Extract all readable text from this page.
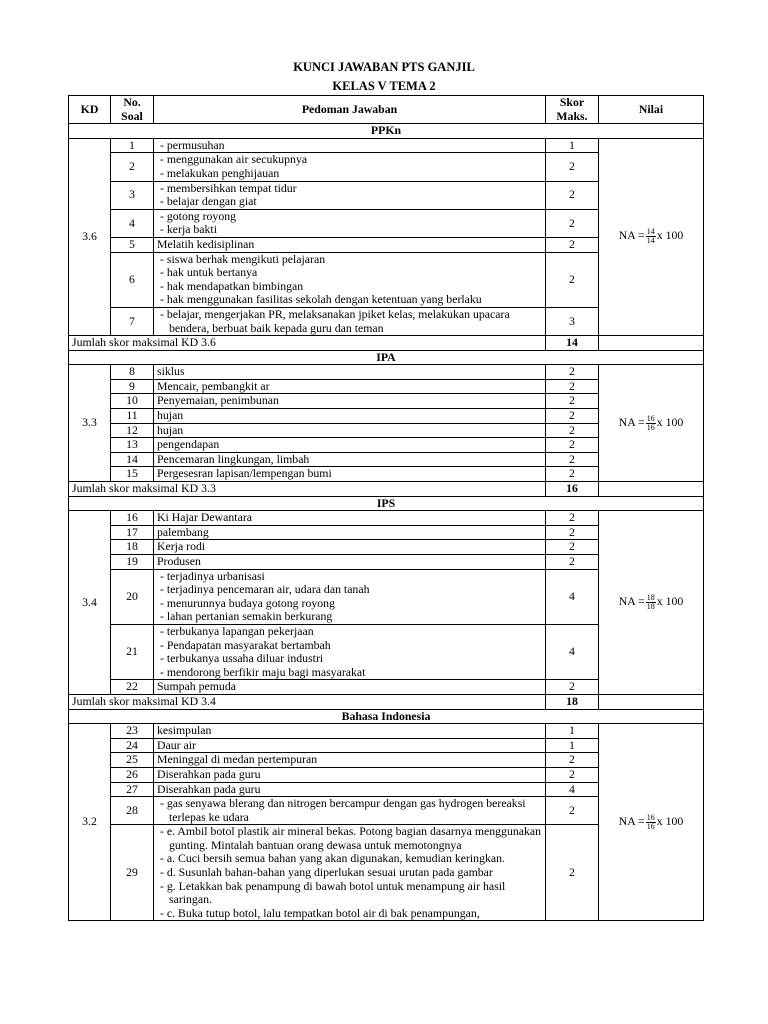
KUNCI JAWABAN PTS GANJIL
KELAS V TEMA 2
KD	No. Soal	Pedoman Jawaban	Skor Maks.	Nilai
PPKn				
3.6	1	- permusuhan	1	NA = $\frac{14}{14}$ x 100
	2	- menggunakan air secukupnya
- melakukan penghijauan	2	
	3	- membersihkan tempat tidur
- belajar dengan giat	2	
	4	- gotong royong
- kerja bakti	2	
	5	Melatih kedisiplinan	2	
	6	- siswa berhak mengikuti pelajaran
- hak untuk bertanya
- hak mendapatkan bimbingan
- hak menggunakan fasilitas sekolah dengan ketentuan yang berlaku	2	
	7	- belajar, mengerjakan PR, melaksanakan jpiket kelas, melakukan upacara bendera, berbuat baik kepada guru dan teman	3	
Jumlah skor maksimal KD 3.6			14	
IPA				
3.3	8	siklus	2	NA = $\frac{16}{16}$ x 100
	9	Mencair, pembangkit ar	2	
	10	Penyemaian, penimbunan	2	
	11	hujan	2	
	12	hujan	2	
	13	pengendapan	2	
	14	Pencemaran lingkungan, limbah	2	
	15	Pergesesran lapisan/lempengan bumi	2	
Jumlah skor maksimal KD 3.3			16	
IPS				
3.4	16	Ki Hajar Dewantara	2	NA = $\frac{18}{18}$ x 100
	17	palembang	2	
	18	Kerja rodi	2	
	19	Produsen	2	
	20	- terjadinya urbanisasi
- terjadinya pencemaran air, udara dan tanah
- menurunnya budaya gotong royong
- lahan pertanian semakin berkurang	4	
	21	- terbukanya lapangan pekerjaan
- Pendapatan masyarakat bertambah
- terbukanya ussaha diluar industri
- mendorong berfikir maju bagi masyarakat	4	
	22	Sumpah pemuda	2	
Jumlah skor maksimal KD 3.4			18	
Bahasa Indonesia				
3.2	23	kesimpulan	1	NA = $\frac{16}{16}$ x 100
	24	Daur air	1	
	25	Meninggal di medan pertempuran	2	
	26	Diserahkan pada guru	2	
	27	Diserahkan pada guru	4	
	28	- gas senyawa blerang dan nitrogen bercampur dengan gas hydrogen bereaksi terlepas ke udara	2	
	29	- e. Ambil botol plastik air mineral bekas. Potong bagian dasarnya menggunakan gunting. Mintalah bantuan orang dewasa untuk memotongnya
- a. Cuci bersih semua bahan yang akan digunakan, kemudian keringkan.
- d. Susunlah bahan-bahan yang diperlukan sesuai urutan pada gambar
- g. Letakkan bak penampung di bawah botol untuk menampung air hasil saringan.
- c. Buka tutup botol, lalu tempatkan botol air di bak penampungan,	2	
